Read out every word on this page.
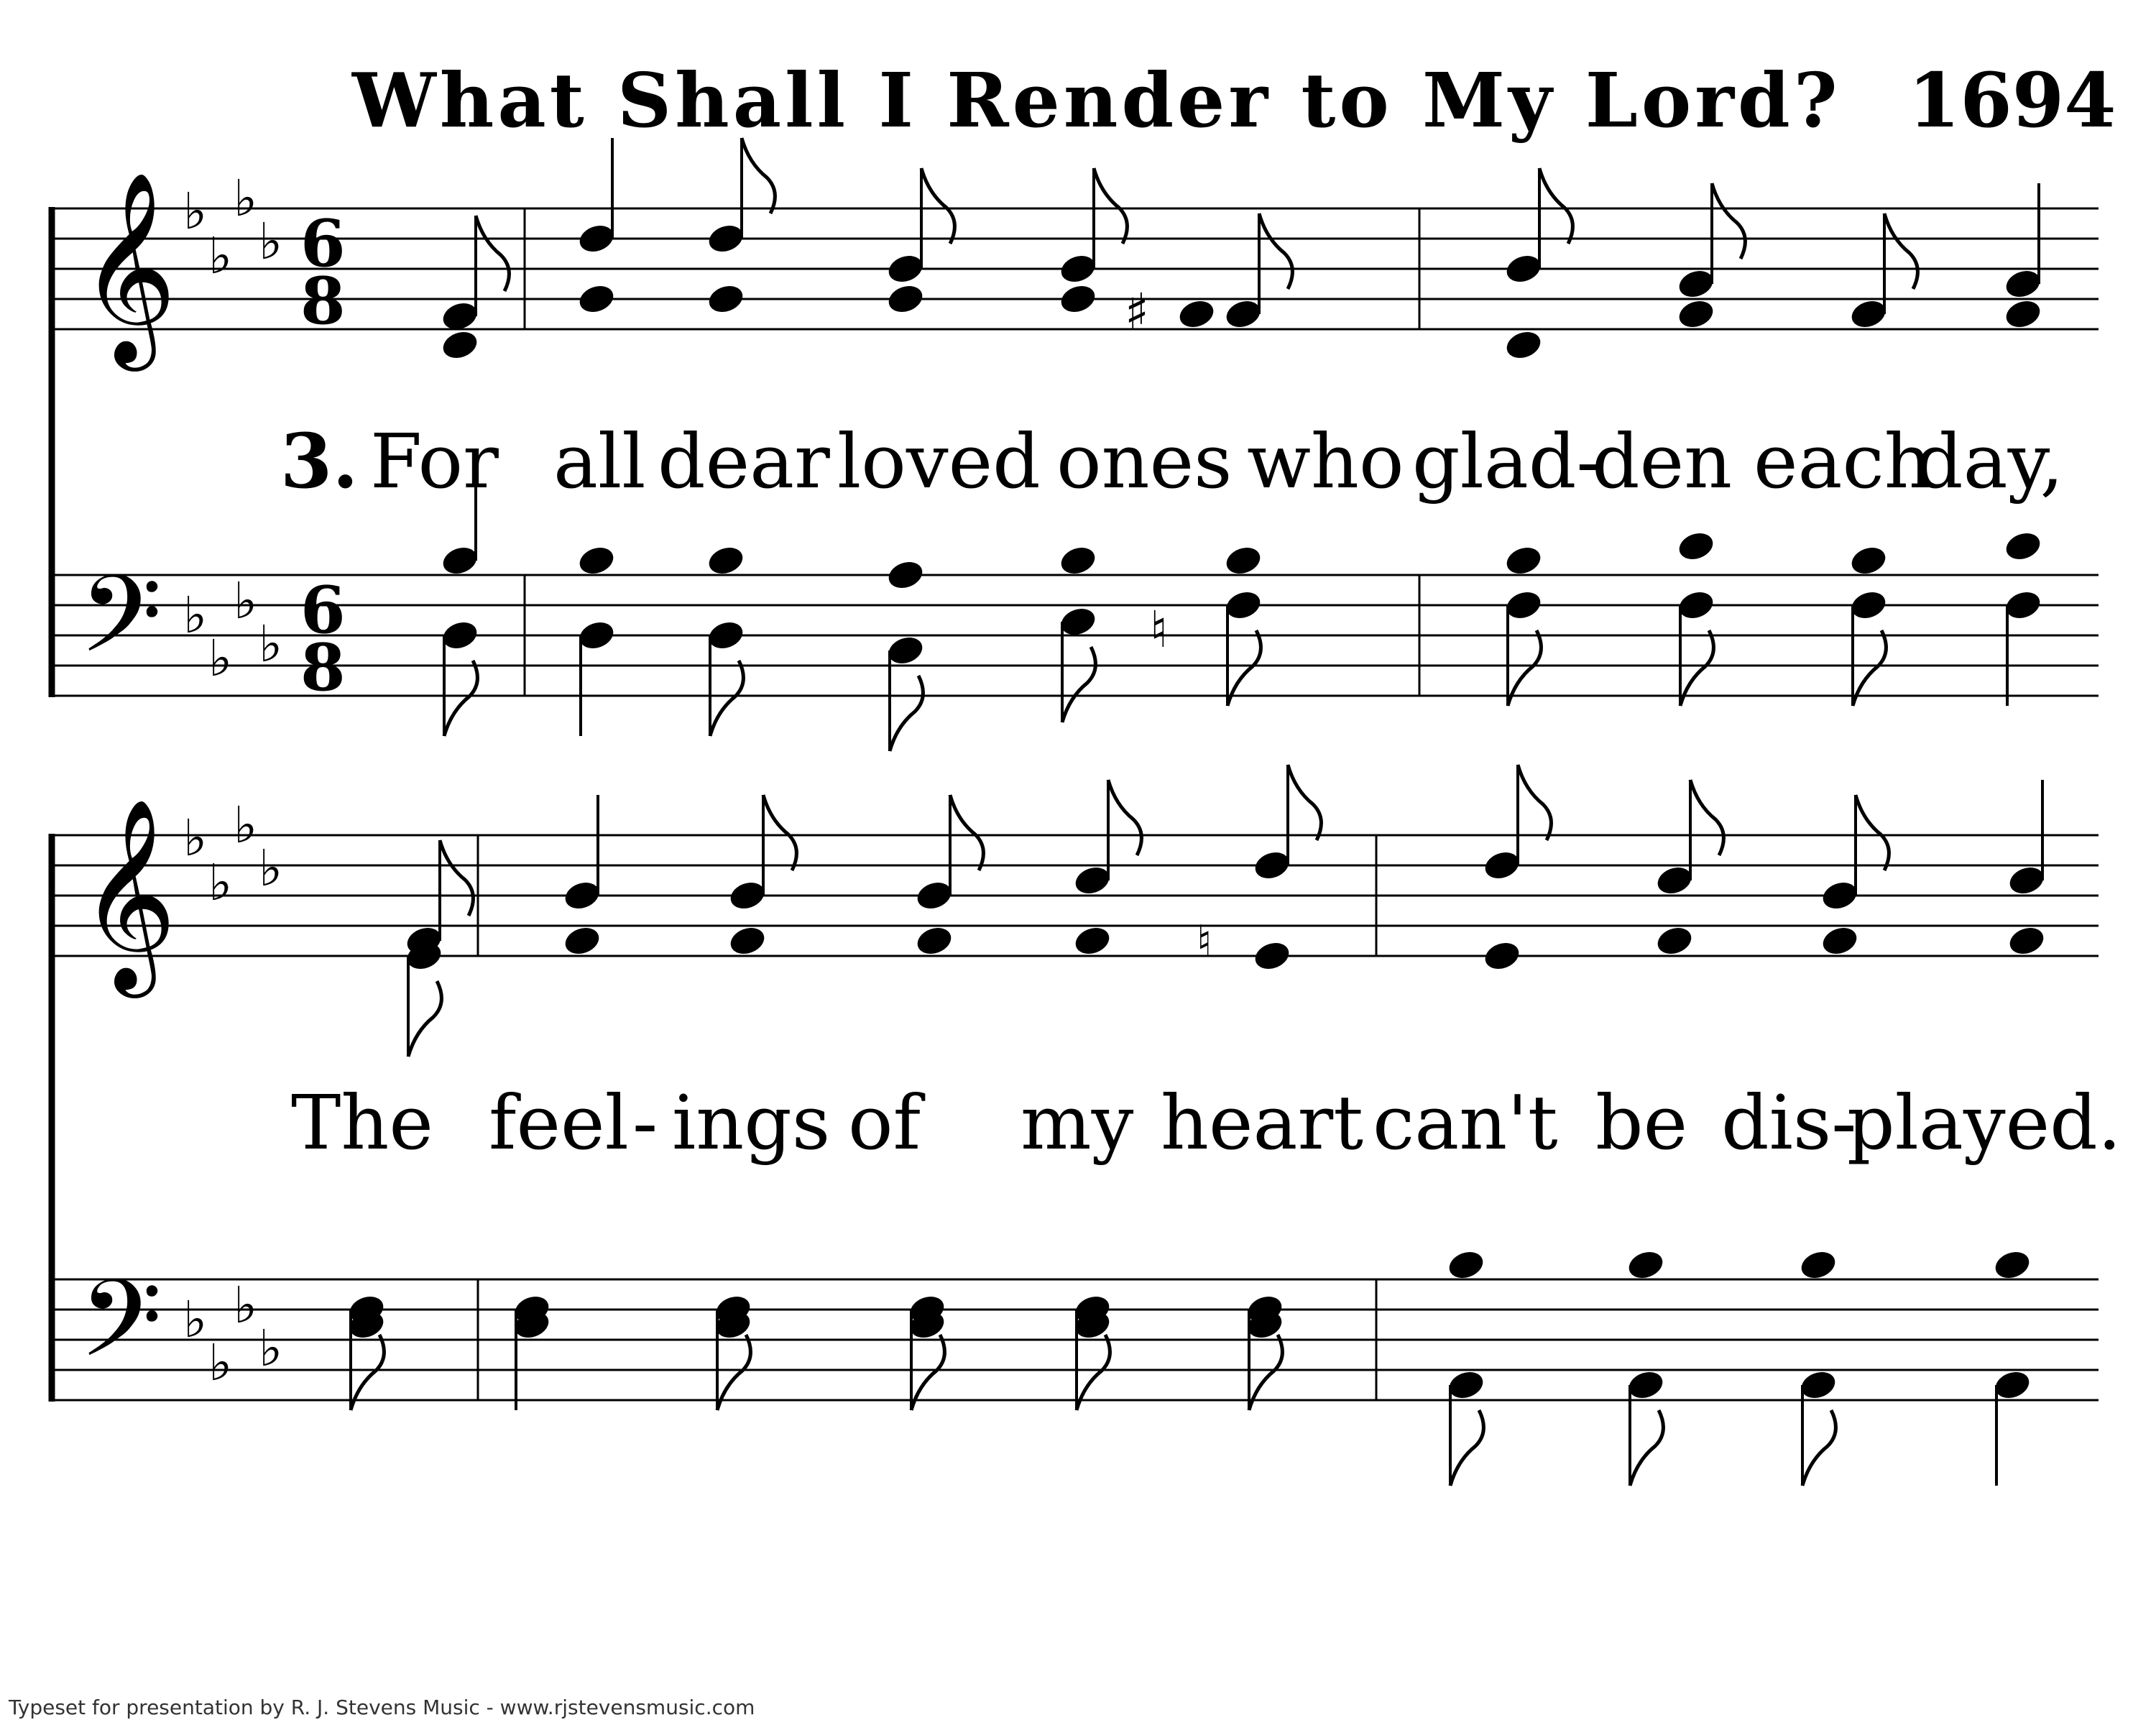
What Shall I Render to My Lord? 1694
𝄞
𝄢
♭
♭
♭
♭
♭
♭
♭
♭
6
8
6
8
𝄞
𝄢
♭
♭
♭
♭
♭
♭
♭
♭
♯
♮
♮
3. For all dear loved ones who glad-
den each
day,
The feel - ings of my heart can't be dis-
played.
Typeset for presentation by R. J. Stevens Music - www.rjstevensmusic.com
